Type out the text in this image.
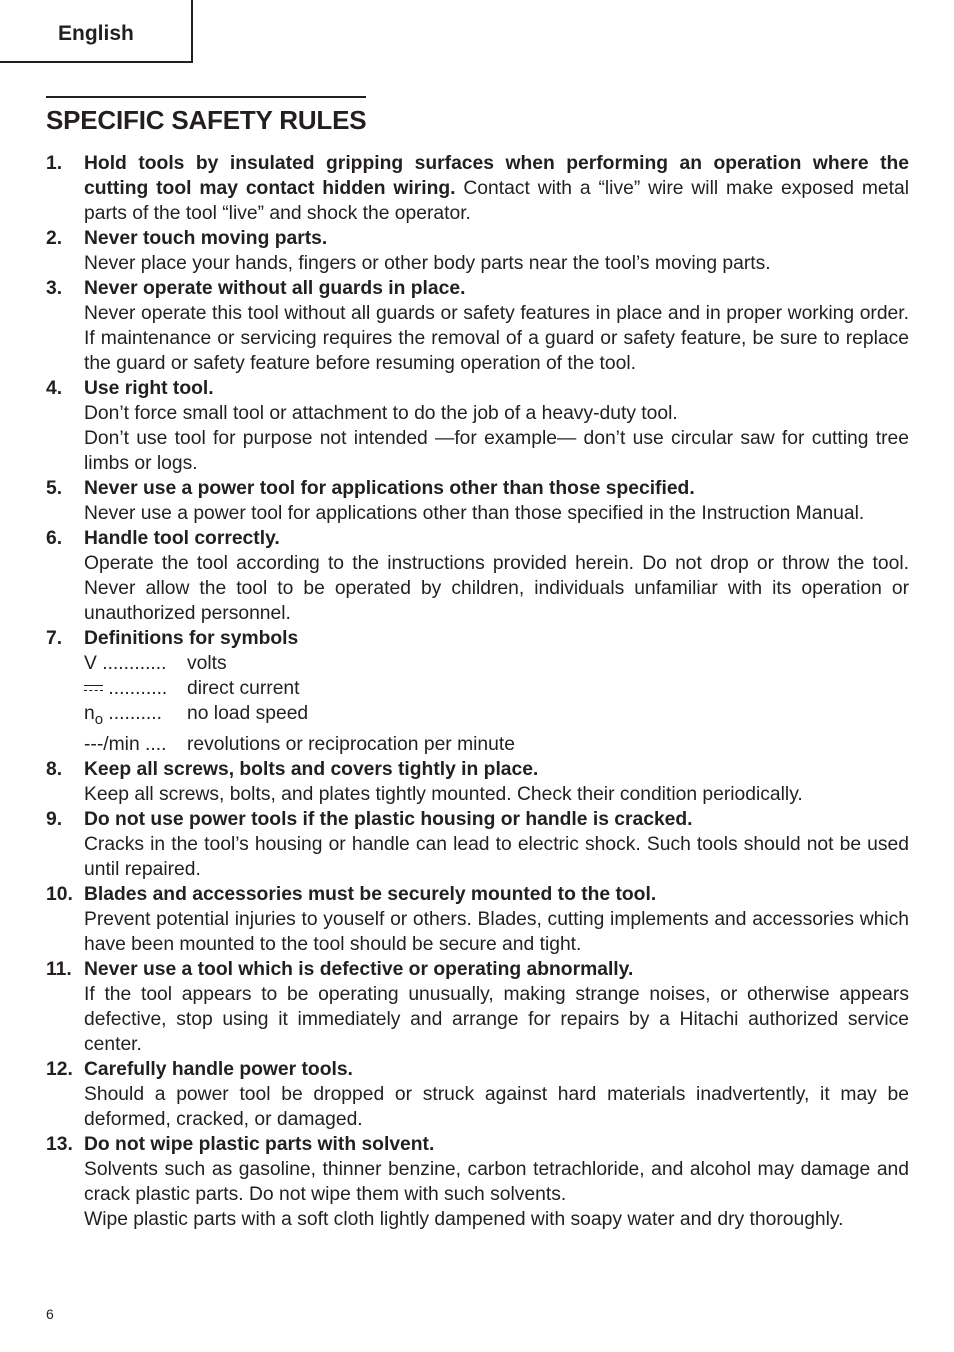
English
SPECIFIC SAFETY RULES
1. Hold tools by insulated gripping surfaces when performing an operation where the cutting tool may contact hidden wiring. Contact with a “live” wire will make exposed metal parts of the tool “live” and shock the operator.

2. Never touch moving parts.

Never place your hands, fingers or other body parts near the tool’s moving parts.

3. Never operate without all guards in place.

Never operate this tool without all guards or safety features in place and in proper working order. If maintenance or servicing requires the removal of a guard or safety feature, be sure to replace the guard or safety feature before resuming operation of the tool.

4. Use right tool.

Don’t force small tool or attachment to do the job of a heavy-duty tool.

Don’t use tool for purpose not intended —for example— don’t use circular saw for cutting tree limbs or logs.

5. Never use a power tool for applications other than those specified.

Never use a power tool for applications other than those specified in the Instruction Manual.

6. Handle tool correctly.

Operate the tool according to the instructions provided herein. Do not drop or throw the tool. Never allow the tool to be operated by children, individuals unfamiliar with its operation or unauthorized personnel.

7. Definitions for symbols

V ............	volts
...........	direct current
$n_o$ ..........	no load speed
---/min ....	revolutions or reciprocation per minute
8. Keep all screws, bolts and covers tightly in place.

Keep all screws, bolts, and plates tightly mounted. Check their condition periodically.

9. Do not use power tools if the plastic housing or handle is cracked.

Cracks in the tool’s housing or handle can lead to electric shock. Such tools should not be used until repaired.

10. Blades and accessories must be securely mounted to the tool.

Prevent potential injuries to youself or others. Blades, cutting implements and accessories which have been mounted to the tool should be secure and tight.

11. Never use a tool which is defective or operating abnormally.

If the tool appears to be operating unusually, making strange noises, or otherwise appears defective, stop using it immediately and arrange for repairs by a Hitachi authorized service center.

12. Carefully handle power tools.

Should a power tool be dropped or struck against hard materials inadvertently, it may be deformed, cracked, or damaged.

13. Do not wipe plastic parts with solvent.

Solvents such as gasoline, thinner benzine, carbon tetrachloride, and alcohol may damage and crack plastic parts. Do not wipe them with such solvents.

Wipe plastic parts with a soft cloth lightly dampened with soapy water and dry thoroughly.

6
